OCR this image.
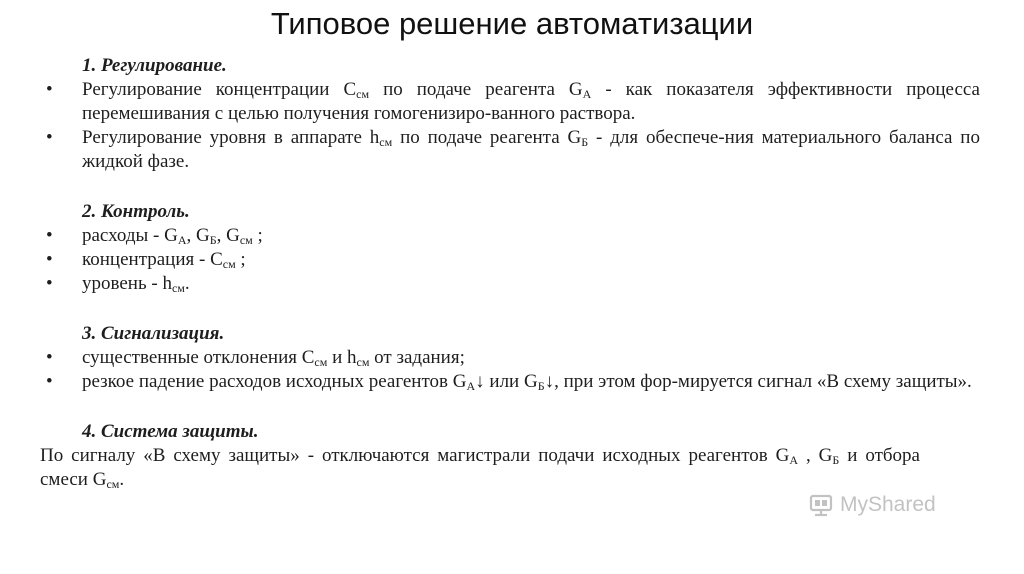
Типовое решение автоматизации
1. Регулирование.
• Регулирование концентрации $C_{см}$ по подаче реагента $G_А$ - как показателя эффективности процесса перемешивания с целью получения гомогенизиро-ванного раствора.
• Регулирование уровня в аппарате $h_{см}$ по подаче реагента $G_Б$ - для обеспече-ния материального баланса по жидкой фазе.
2. Контроль.
• расходы - $G_А$, $G_Б$, $G_{см}$ ;
• концентрация - $C_{см}$ ;
• уровень - $h_{см}$.
3. Сигнализация.
• существенные отклонения $C_{см}$ и $h_{см}$ от задания;
• резкое падение расходов исходных реагентов $G_А↓$ или $G_Б↓$, при этом фор-мируется сигнал «В схему защиты».
4. Система защиты.
По сигналу «В схему защиты» - отключаются магистрали подачи исходных реагентов $G_А$ , $G_Б$ и отбора смеси $G_{см}$.
MyShared
